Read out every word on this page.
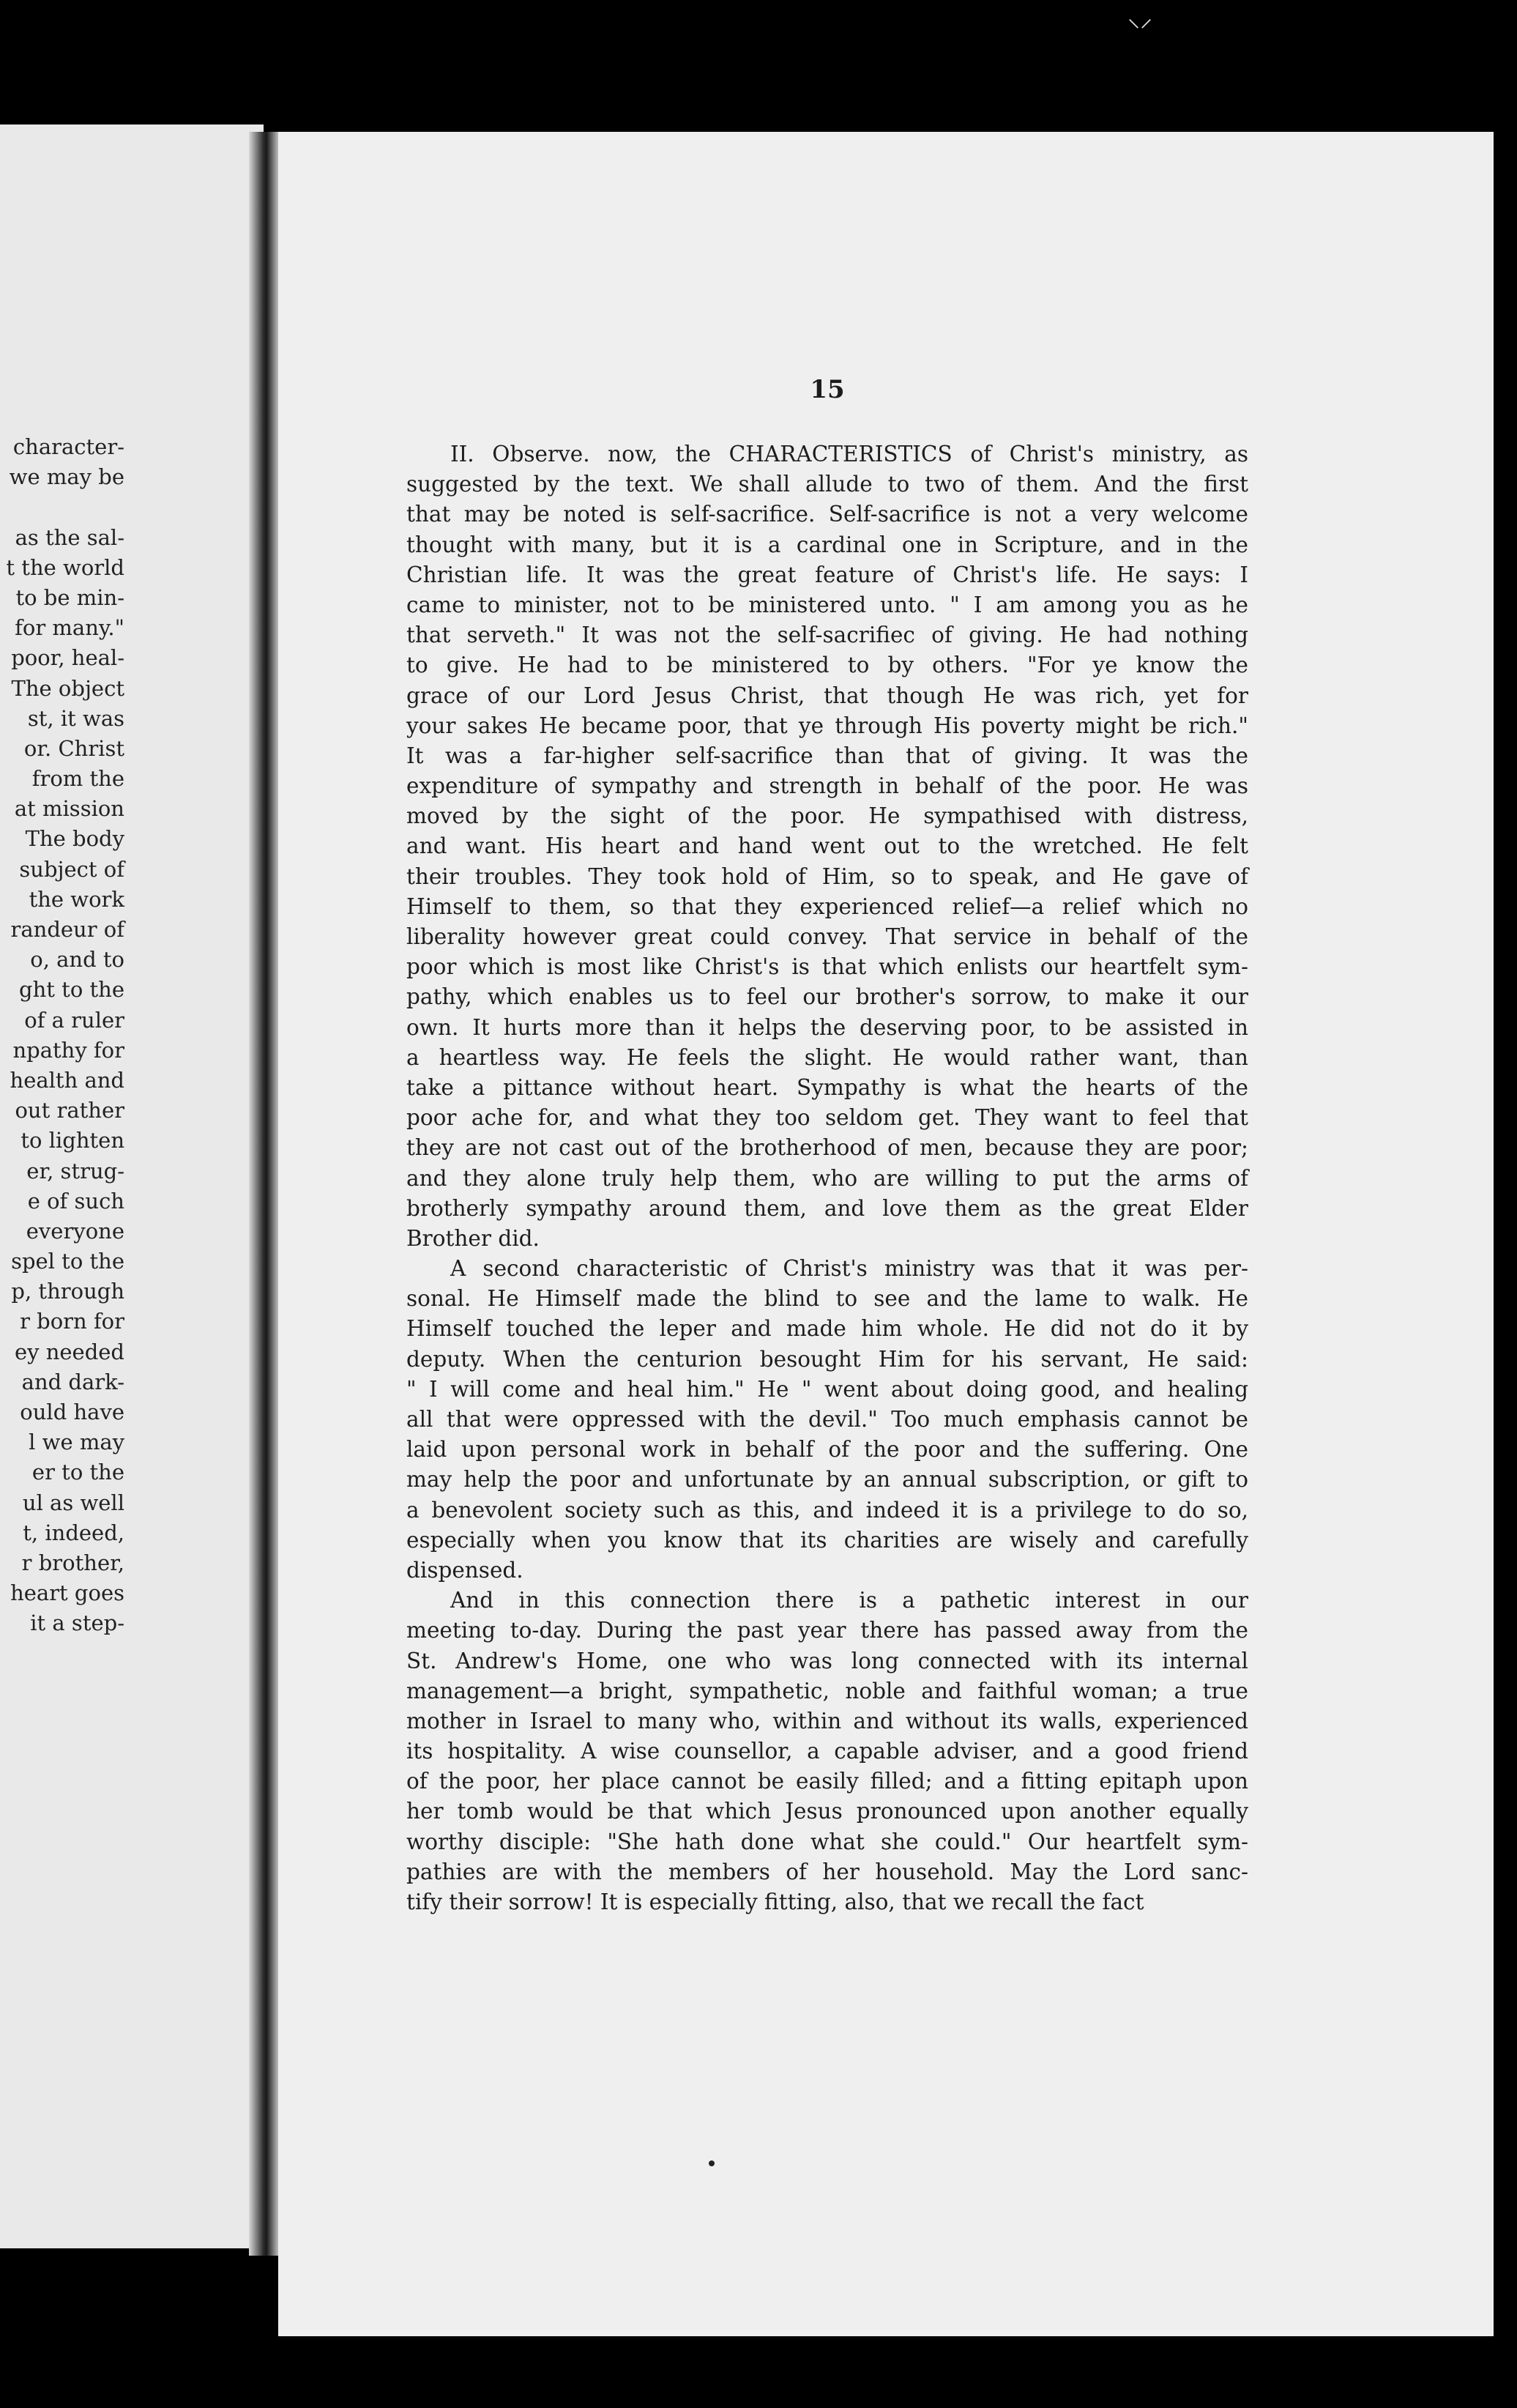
⸜⸝
character-
we may be
as the sal-
t the world
to be min-
for many."
poor, heal-
The object
st, it was
or. Christ
from the
at mission
The body
subject of
the work
randeur of
o, and to
ght to the
of a ruler
npathy for
health and
out rather
to lighten
er, strug-
e of such
everyone
spel to the
p, through
r born for
ey needed
and dark-
ould have
l we may
er to the
ul as well
t, indeed,
r brother,
heart goes
it a step-
15
II. Observe. now, the CHARACTERISTICS of Christ's ministry, as
suggested by the text. We shall allude to two of them. And the first
that may be noted is self-sacrifice. Self-sacrifice is not a very welcome
thought with many, but it is a cardinal one in Scripture, and in the
Christian life. It was the great feature of Christ's life. He says: I
came to minister, not to be ministered unto. " I am among you as he
that serveth." It was not the self-sacrifiec of giving. He had nothing
to give. He had to be ministered to by others. "For ye know the
grace of our Lord Jesus Christ, that though He was rich, yet for
your sakes He became poor, that ye through His poverty might be rich."
It was a far-higher self-sacrifice than that of giving. It was the
expenditure of sympathy and strength in behalf of the poor. He was
moved by the sight of the poor. He sympathised with distress,
and want. His heart and hand went out to the wretched. He felt
their troubles. They took hold of Him, so to speak, and He gave of
Himself to them, so that they experienced relief—a relief which no
liberality however great could convey. That service in behalf of the
poor which is most like Christ's is that which enlists our heartfelt sym-
pathy, which enables us to feel our brother's sorrow, to make it our
own. It hurts more than it helps the deserving poor, to be assisted in
a heartless way. He feels the slight. He would rather want, than
take a pittance without heart. Sympathy is what the hearts of the
poor ache for, and what they too seldom get. They want to feel that
they are not cast out of the brotherhood of men, because they are poor;
and they alone truly help them, who are willing to put the arms of
brotherly sympathy around them, and love them as the great Elder
Brother did.
A second characteristic of Christ's ministry was that it was per-
sonal. He Himself made the blind to see and the lame to walk. He
Himself touched the leper and made him whole. He did not do it by
deputy. When the centurion besought Him for his servant, He said:
" I will come and heal him." He " went about doing good, and healing
all that were oppressed with the devil." Too much emphasis cannot be
laid upon personal work in behalf of the poor and the suffering. One
may help the poor and unfortunate by an annual subscription, or gift to
a benevolent society such as this, and indeed it is a privilege to do so,
especially when you know that its charities are wisely and carefully
dispensed.
And in this connection there is a pathetic interest in our
meeting to-day. During the past year there has passed away from the
St. Andrew's Home, one who was long connected with its internal
management—a bright, sympathetic, noble and faithful woman; a true
mother in Israel to many who, within and without its walls, experienced
its hospitality. A wise counsellor, a capable adviser, and a good friend
of the poor, her place cannot be easily filled; and a fitting epitaph upon
her tomb would be that which Jesus pronounced upon another equally
worthy disciple: "She hath done what she could." Our heartfelt sym-
pathies are with the members of her household. May the Lord sanc-
tify their sorrow! It is especially fitting, also, that we recall the fact
